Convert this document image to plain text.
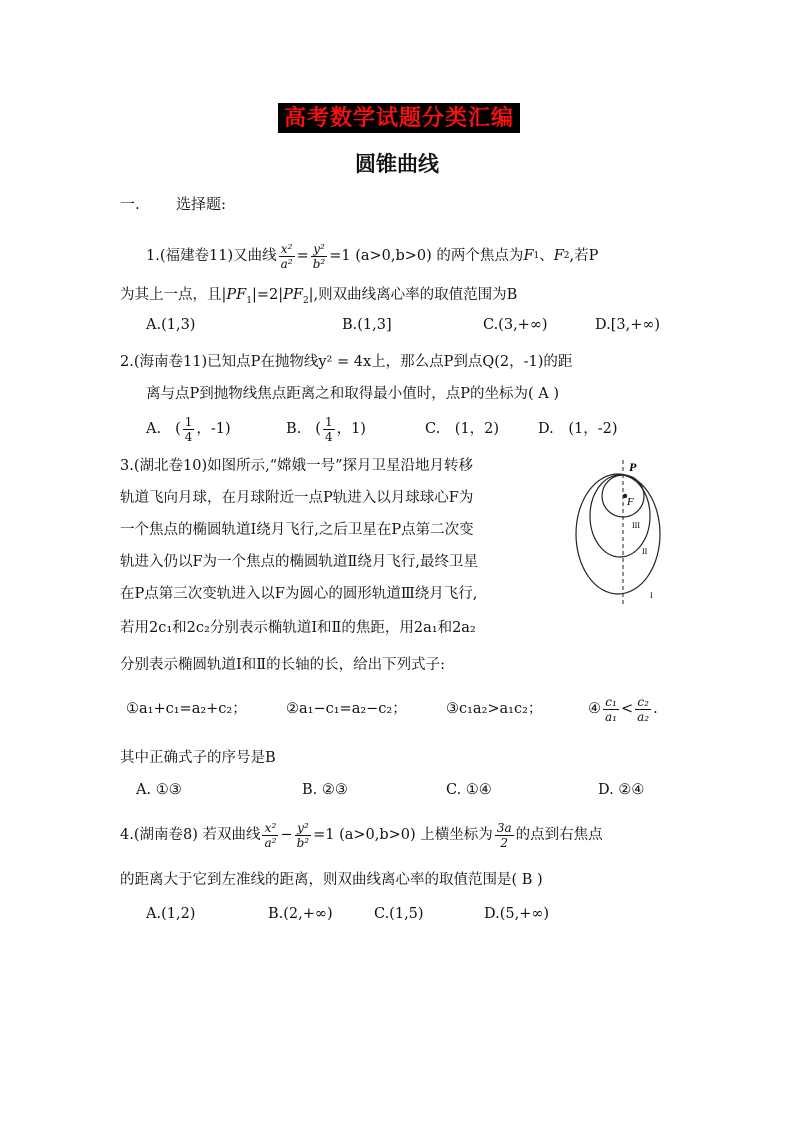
高考数学试题分类汇编
圆锥曲线
一. 选择题:
1.(福建卷11)又曲线 $\frac{\text{x²}}{\text{a²}} = \frac{\text{y²}}{\text{b²}} =1$ (a>0,b>0) 的两个焦点为 F 1 、 F 2 ,若P
为其上一点，且$|PF_1|=2|PF_2|$,则双曲线离心率的取值范围为B
A.(1,3)	B.(1,3]	C.(3,+∞)	D.[3,+∞)
2.(海南卷11)已知点P在抛物线y² = 4x上，那么点P到点Q(2，-1)的距
离与点P到抛物线焦点距离之和取得最小值时，点P的坐标为( A )
A. ( $\frac{1}{4}$ ，-1)	B. ( $\frac{1}{4}$ ，1)	C. (1，2)	D. (1，-2)
3.(湖北卷10)如图所示,“嫦娥一号”探月卫星沿地月转移
轨道飞向月球，在月球附近一点P轨进入以月球球心F为
一个焦点的椭圆轨道Ⅰ绕月飞行,之后卫星在P点第二次变
轨进入仍以F为一个焦点的椭圆轨道Ⅱ绕月飞行,最终卫星
在P点第三次变轨进入以F为圆心的圆形轨道Ⅲ绕月飞行,
若用2c₁和2c₂分别表示椭轨道Ⅰ和Ⅱ的焦距，用2a₁和2a₂
分别表示椭圆轨道Ⅰ和Ⅱ的长轴的长，给出下列式子:
P
F
III
II
I
①a₁+c₁=a₂+c₂；	②a₁−c₁=a₂−c₂；	③c₁a₂>a₁c₂；	④ $\frac{\text{c₁}}{\text{a₁}} < \frac{\text{c₂}}{\text{a₂}}$ .
其中正确式子的序号是B
A. ①③	B. ②③	C. ①④	D. ②④
4.(湖南卷8) 若双曲线 $\frac{\text{x²}}{\text{a²}} - \frac{\text{y²}}{\text{b²}} =1$ (a>0,b>0) 上横坐标为 $\frac{3a}{2}$ 的点到右焦点
的距离大于它到左准线的距离，则双曲线离心率的取值范围是( B )
A.(1,2)	B.(2,+∞)	C.(1,5)	D.(5,+∞)
